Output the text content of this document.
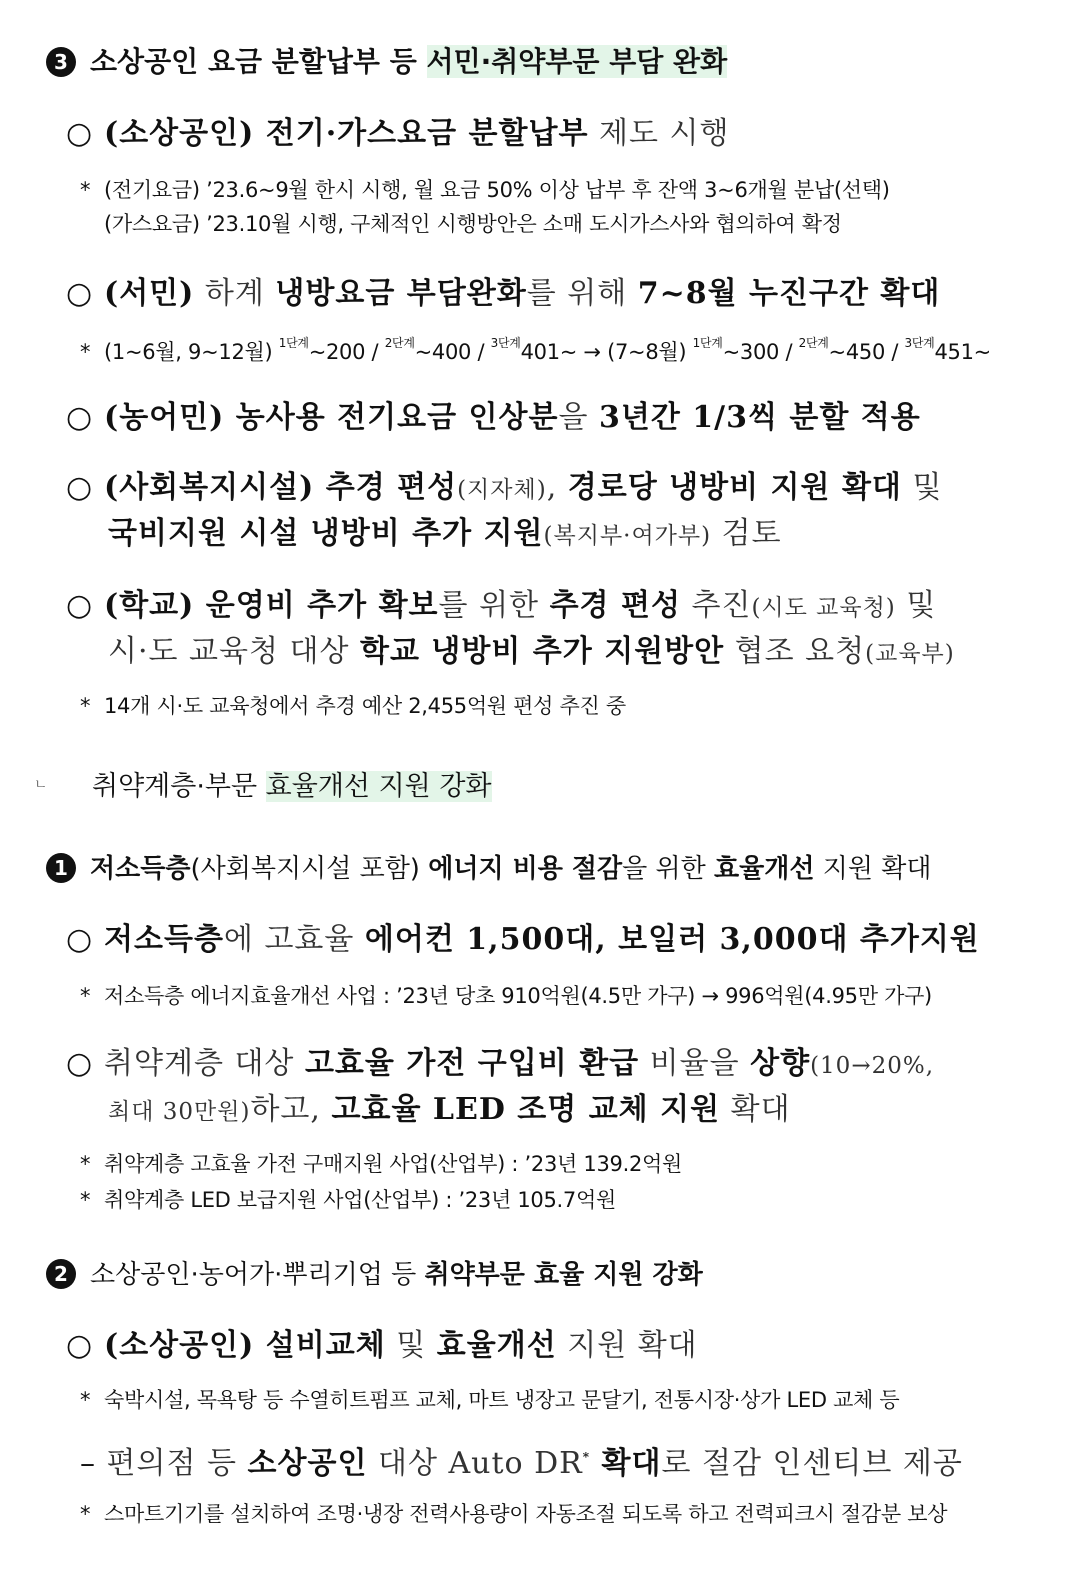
3 소상공인 요금 분할납부 등 서민·취약부문 부담 완화
○ (소상공인) 전기·가스요금 분할납부 제도 시행
* (전기요금) ’23.6~9월 한시 시행, 월 요금 50% 이상 납부 후 잔액 3~6개월 분납(선택)
(가스요금) ’23.10월 시행, 구체적인 시행방안은 소매 도시가스사와 협의하여 확정
○ (서민) 하계 냉방요금 부담완화를 위해 7~8월 누진구간 확대
* (1~6월, 9~12월) $^{1단계}$~200 / $^{2단계}$~400 / $^{3단계}$401~ → (7~8월) $^{1단계}$~300 / $^{2단계}$~450 / $^{3단계}$451~
○ (농어민) 농사용 전기요금 인상분을 3년간 1/3씩 분할 적용
○ (사회복지시설) 추경 편성(지자체), 경로당 냉방비 지원 확대 및
국비지원 시설 냉방비 추가 지원(복지부·여가부) 검토
○ (학교) 운영비 추가 확보를 위한 추경 편성 추진(시도 교육청) 및
시·도 교육청 대상 학교 냉방비 추가 지원방안 협조 요청(교육부)
* 14개 시·도 교육청에서 추경 예산 2,455억원 편성 추진 중
ㄴ 취약계층·부문 효율개선 지원 강화
1 저소득층(사회복지시설 포함) 에너지 비용 절감을 위한 효율개선 지원 확대
○ 저소득층에 고효율 에어컨 1,500대, 보일러 3,000대 추가지원
* 저소득층 에너지효율개선 사업 : ’23년 당초 910억원(4.5만 가구) → 996억원(4.95만 가구)
○ 취약계층 대상 고효율 가전 구입비 환급 비율을 상향(10→20%,
최대 30만원)하고, 고효율 LED 조명 교체 지원 확대
* 취약계층 고효율 가전 구매지원 사업(산업부) : ’23년 139.2억원
* 취약계층 LED 보급지원 사업(산업부) : ’23년 105.7억원
2 소상공인·농어가·뿌리기업 등 취약부문 효율 지원 강화
○ (소상공인) 설비교체 및 효율개선 지원 확대
* 숙박시설, 목욕탕 등 수열히트펌프 교체, 마트 냉장고 문달기, 전통시장·상가 LED 교체 등
– 편의점 등 소상공인 대상 Auto DR* 확대로 절감 인센티브 제공
* 스마트기기를 설치하여 조명·냉장 전력사용량이 자동조절 되도록 하고 전력피크시 절감분 보상
